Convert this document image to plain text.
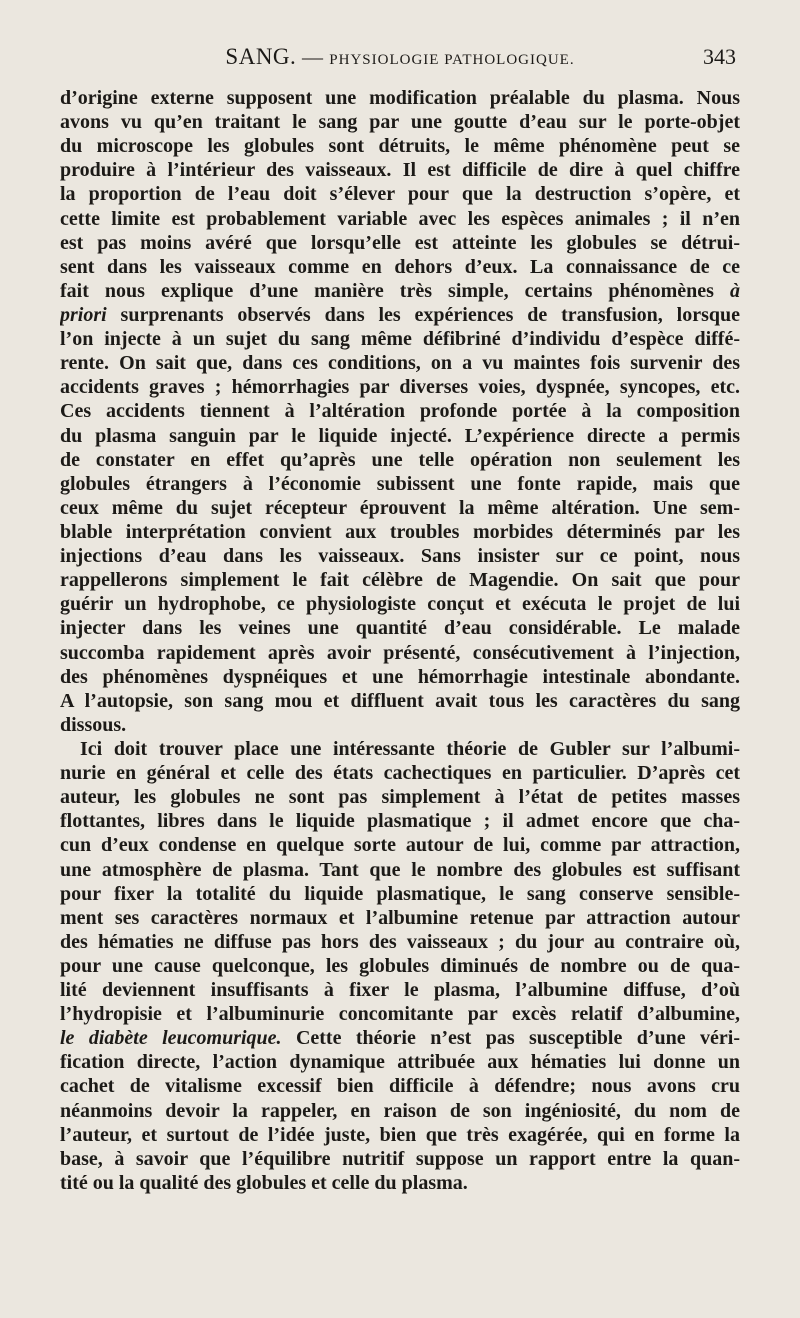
SANG. — PHYSIOLOGIE PATHOLOGIQUE.	343
d’origine externe supposent une modification préalable du plasma. Nous
avons vu qu’en traitant le sang par une goutte d’eau sur le porte-objet
du microscope les globules sont détruits, le même phénomène peut se
produire à l’intérieur des vaisseaux. Il est difficile de dire à quel chiffre
la proportion de l’eau doit s’élever pour que la destruction s’opère, et
cette limite est probablement variable avec les espèces animales ; il n’en
est pas moins avéré que lorsqu’elle est atteinte les globules se détrui-
sent dans les vaisseaux comme en dehors d’eux. La connaissance de ce
fait nous explique d’une manière très simple, certains phénomènes à
priori surprenants observés dans les expériences de transfusion, lorsque
l’on injecte à un sujet du sang même défibriné d’individu d’espèce diffé-
rente. On sait que, dans ces conditions, on a vu maintes fois survenir des
accidents graves ; hémorrhagies par diverses voies, dyspnée, syncopes, etc.
Ces accidents tiennent à l’altération profonde portée à la composition
du plasma sanguin par le liquide injecté. L’expérience directe a permis
de constater en effet qu’après une telle opération non seulement les
globules étrangers à l’économie subissent une fonte rapide, mais que
ceux même du sujet récepteur éprouvent la même altération. Une sem-
blable interprétation convient aux troubles morbides déterminés par les
injections d’eau dans les vaisseaux. Sans insister sur ce point, nous
rappellerons simplement le fait célèbre de Magendie. On sait que pour
guérir un hydrophobe, ce physiologiste conçut et exécuta le projet de lui
injecter dans les veines une quantité d’eau considérable. Le malade
succomba rapidement après avoir présenté, consécutivement à l’injection,
des phénomènes dyspnéiques et une hémorrhagie intestinale abondante.
A l’autopsie, son sang mou et diffluent avait tous les caractères du sang
dissous.
Ici doit trouver place une intéressante théorie de Gubler sur l’albumi-
nurie en général et celle des états cachectiques en particulier. D’après cet
auteur, les globules ne sont pas simplement à l’état de petites masses
flottantes, libres dans le liquide plasmatique ; il admet encore que cha-
cun d’eux condense en quelque sorte autour de lui, comme par attraction,
une atmosphère de plasma. Tant que le nombre des globules est suffisant
pour fixer la totalité du liquide plasmatique, le sang conserve sensible-
ment ses caractères normaux et l’albumine retenue par attraction autour
des hématies ne diffuse pas hors des vaisseaux ; du jour au contraire où,
pour une cause quelconque, les globules diminués de nombre ou de qua-
lité deviennent insuffisants à fixer le plasma, l’albumine diffuse, d’où
l’hydropisie et l’albuminurie concomitante par excès relatif d’albumine,
le diabète leucomurique. Cette théorie n’est pas susceptible d’une véri-
fication directe, l’action dynamique attribuée aux hématies lui donne un
cachet de vitalisme excessif bien difficile à défendre; nous avons cru
néanmoins devoir la rappeler, en raison de son ingéniosité, du nom de
l’auteur, et surtout de l’idée juste, bien que très exagérée, qui en forme la
base, à savoir que l’équilibre nutritif suppose un rapport entre la quan-
tité ou la qualité des globules et celle du plasma.
